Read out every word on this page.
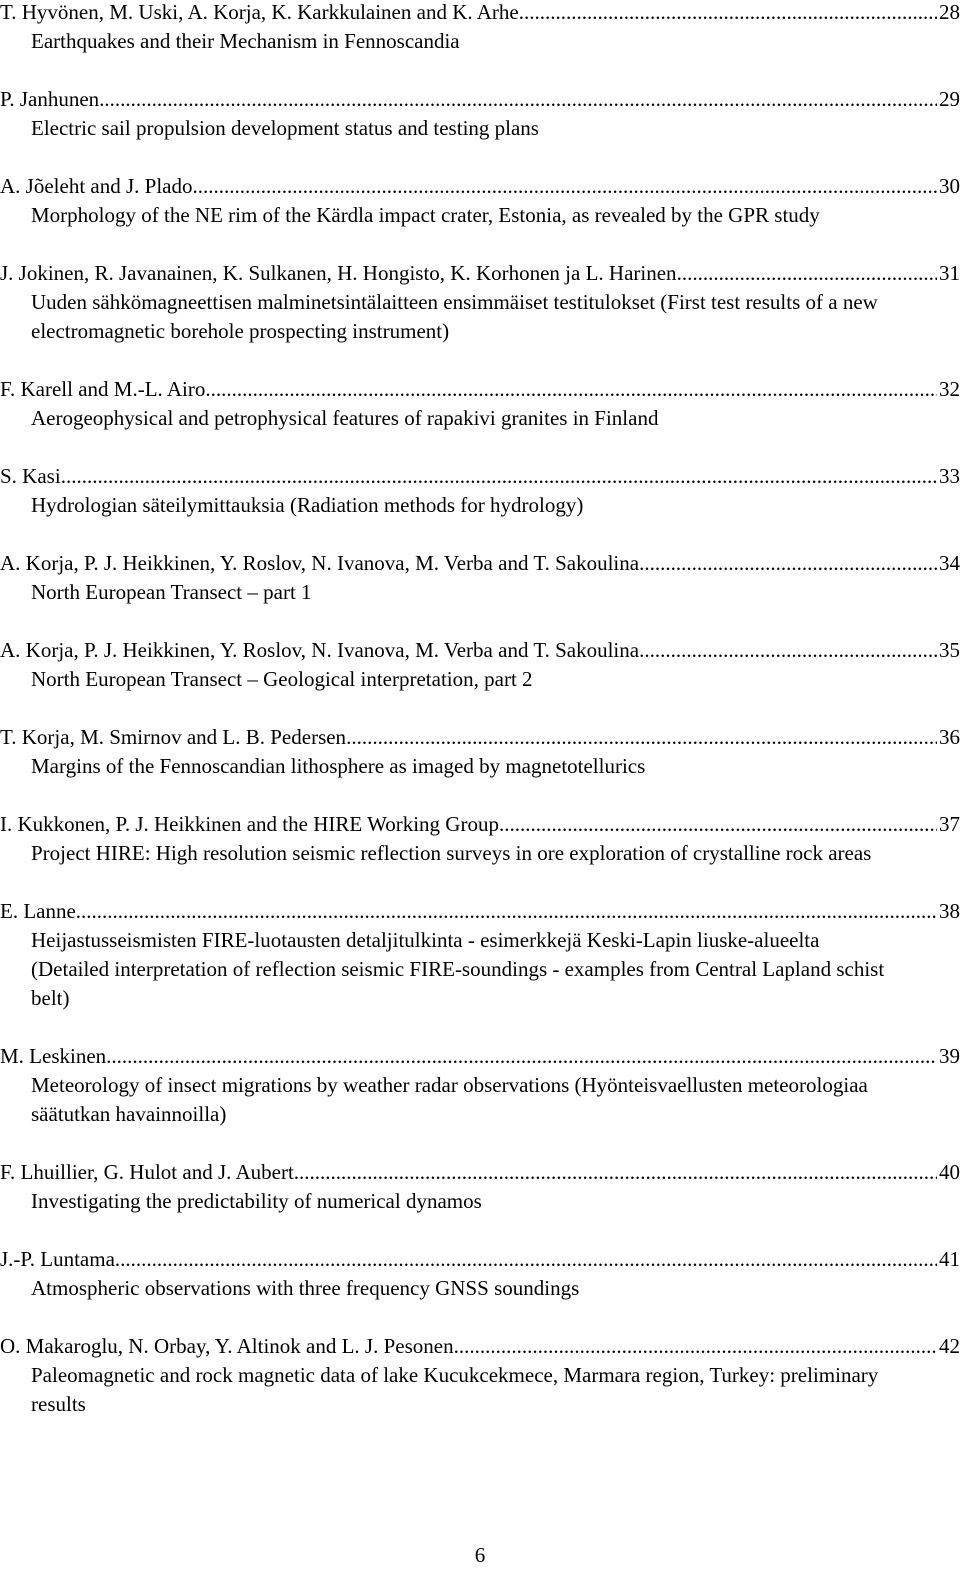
T. Hyvönen, M. Uski, A. Korja, K. Karkkulainen and K. Arhe .....	28
Earthquakes and their Mechanism in Fennoscandia
P. Janhunen .....	29
Electric sail propulsion development status and testing plans
A. Jõeleht and J. Plado .....	30
Morphology of the NE rim of the Kärdla impact crater, Estonia, as revealed by the GPR study
J. Jokinen, R. Javanainen, K. Sulkanen, H. Hongisto, K. Korhonen ja L. Harinen .....	31
Uuden sähkömagneettisen malminetsintälaitteen ensimmäiset testitulokset (First test results of a new electromagnetic borehole prospecting instrument)
F. Karell and M.-L. Airo .....	32
Aerogeophysical and petrophysical features of rapakivi granites in Finland
S. Kasi .....	33
Hydrologian säteilymittauksia (Radiation methods for hydrology)
A. Korja, P. J. Heikkinen, Y. Roslov, N. Ivanova, M. Verba and T. Sakoulina .....	34
North European Transect – part 1
A. Korja, P. J. Heikkinen, Y. Roslov, N. Ivanova, M. Verba and T. Sakoulina .....	35
North European Transect – Geological interpretation, part 2
T. Korja, M. Smirnov and L. B. Pedersen .....	36
Margins of the Fennoscandian lithosphere as imaged by magnetotellurics
I. Kukkonen, P. J. Heikkinen and the HIRE Working Group .....	37
Project HIRE: High resolution seismic reflection surveys in ore exploration of crystalline rock areas
E. Lanne .....	38
Heijastusseismisten FIRE-luotausten detaljitulkinta - esimerkkejä Keski-Lapin liuske-alueelta (Detailed interpretation of reflection seismic FIRE-soundings - examples from Central Lapland schist belt)
M. Leskinen .....	39
Meteorology of insect migrations by weather radar observations (Hyönteisvaellusten meteorologiaa säätutkan havainnoilla)
F. Lhuillier, G. Hulot and J. Aubert .....	40
Investigating the predictability of numerical dynamos
J.-P. Luntama .....	41
Atmospheric observations with three frequency GNSS soundings
O. Makaroglu, N. Orbay, Y. Altinok and L. J. Pesonen .....	42
Paleomagnetic and rock magnetic data of lake Kucukcekmece, Marmara region, Turkey: preliminary results
6
